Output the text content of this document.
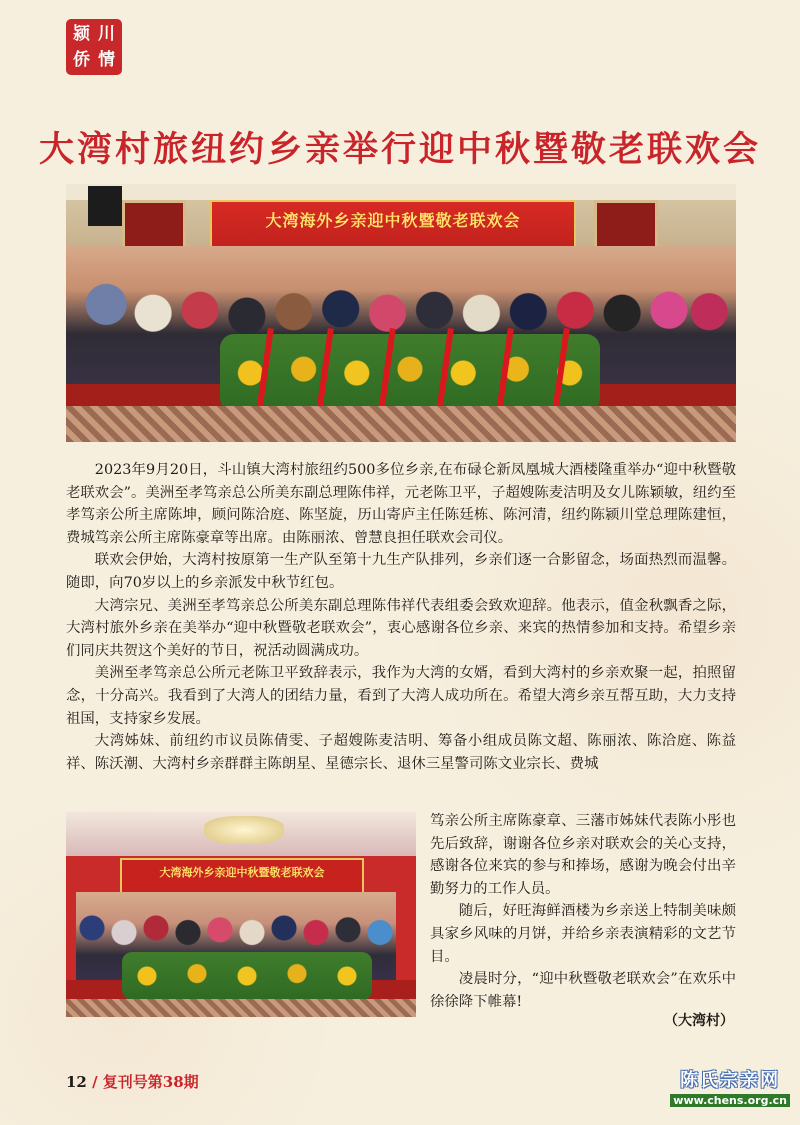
颍 川
侨 情
大湾村旅纽约乡亲举行迎中秋暨敬老联欢会
大湾海外乡亲迎中秋暨敬老联欢会

2023年9月20日，斗山镇大湾村旅纽约500多位乡亲,在布碌仑新凤凰城大酒楼隆重举办“迎中秋暨敬老联欢会”。美洲至孝笃亲总公所美东副总理陈伟祥，元老陈卫平，子超嫂陈麦洁明及女儿陈颖敏，纽约至孝笃亲公所主席陈坤，顾问陈洽庭、陈坚旋，历山寄庐主任陈廷栋、陈河清，纽约陈颍川堂总理陈建恒，费城笃亲公所主席陈豪章等出席。由陈丽浓、曾慧良担任联欢会司仪。

联欢会伊始，大湾村按原第一生产队至第十九生产队排列，乡亲们逐一合影留念，场面热烈而温馨。随即，向70岁以上的乡亲派发中秋节红包。

大湾宗兄、美洲至孝笃亲总公所美东副总理陈伟祥代表组委会致欢迎辞。他表示，值金秋飘香之际，大湾村旅外乡亲在美举办“迎中秋暨敬老联欢会”，衷心感谢各位乡亲、来宾的热情参加和支持。希望乡亲们同庆共贺这个美好的节日，祝活动圆满成功。

美洲至孝笃亲总公所元老陈卫平致辞表示，我作为大湾的女婿，看到大湾村的乡亲欢聚一起，拍照留念，十分高兴。我看到了大湾人的团结力量，看到了大湾人成功所在。希望大湾乡亲互帮互助，大力支持祖国，支持家乡发展。

大湾姊妹、前纽约市议员陈倩雯、子超嫂陈麦洁明、筹备小组成员陈文超、陈丽浓、陈洽庭、陈益祥、陈沃潮、大湾村乡亲群群主陈朗星、星德宗长、退休三星警司陈文业宗长、费城

大湾海外乡亲迎中秋暨敬老联欢会

笃亲公所主席陈豪章、三藩市姊妹代表陈小彤也先后致辞，谢谢各位乡亲对联欢会的关心支持，感谢各位来宾的参与和捧场，感谢为晚会付出辛勤努力的工作人员。

随后，好旺海鲜酒楼为乡亲送上特制美味颇具家乡风味的月饼，并给乡亲表演精彩的文艺节目。

凌晨时分，“迎中秋暨敬老联欢会”在欢乐中徐徐降下帷幕!

（大湾村）
12 / 复刊号第38期	陈氏宗亲网
www.chens.org.cn
